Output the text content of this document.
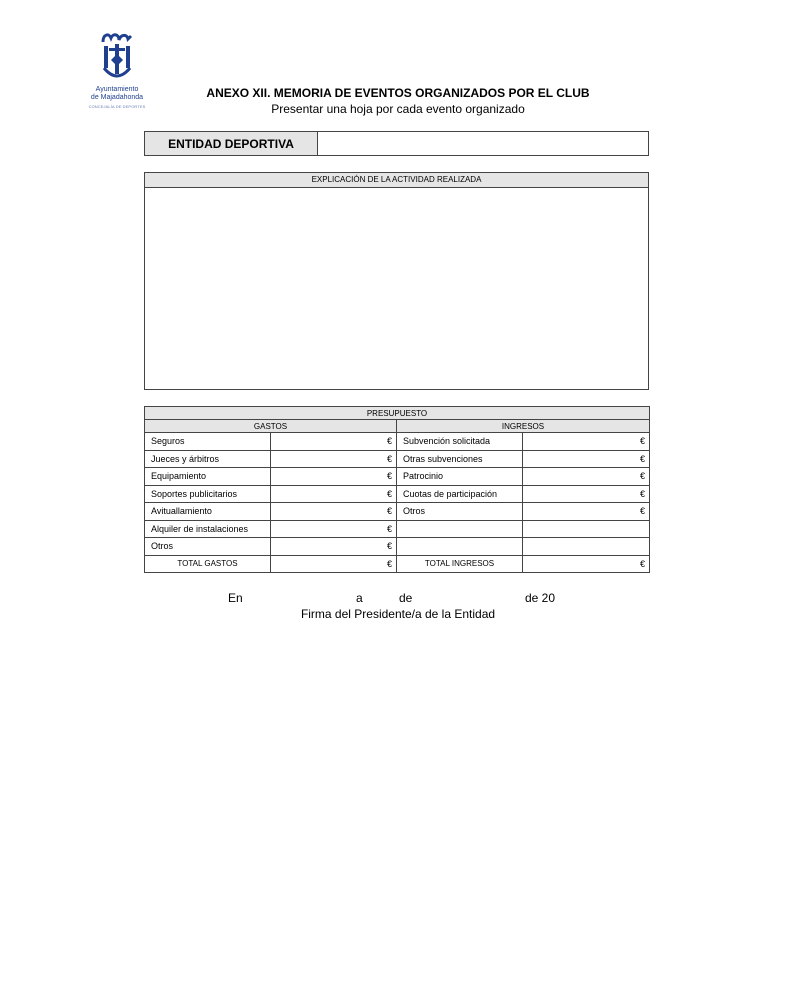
Ayuntamiento
de Majadahonda
CONCEJALÍA DE DEPORTES
ANEXO XII. MEMORIA DE EVENTOS ORGANIZADOS POR EL CLUB
Presentar una hoja por cada evento organizado
ENTIDAD DEPORTIVA
EXPLICACIÓN DE LA ACTIVIDAD REALIZADA
PRESUPUESTO			
GASTOS		INGRESOS	
Seguros	€	Subvención solicitada	€
Jueces y árbitros	€	Otras subvenciones	€
Equipamiento	€	Patrocinio	€
Soportes publicitarios	€	Cuotas de participación	€
Avituallamiento	€	Otros	€
Alquiler de instalaciones	€		
Otros	€		
TOTAL GASTOS	€	TOTAL INGRESOS	€
En	a	de	de 20
Firma del Presidente/a de la Entidad
